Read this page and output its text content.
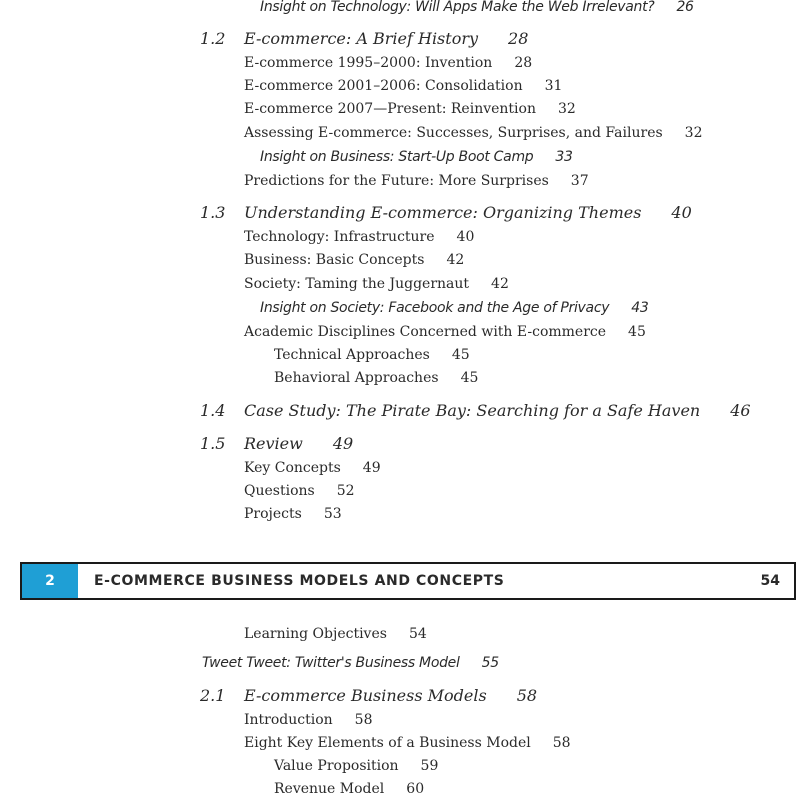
Insight on Technology: Will Apps Make the Web Irrelevant? 26
1.2 E-commerce: A Brief History 28
E-commerce 1995–2000: Invention 28
E-commerce 2001–2006: Consolidation 31
E-commerce 2007—Present: Reinvention 32
Assessing E-commerce: Successes, Surprises, and Failures 32
Insight on Business: Start-Up Boot Camp 33
Predictions for the Future: More Surprises 37
1.3 Understanding E-commerce: Organizing Themes 40
Technology: Infrastructure 40
Business: Basic Concepts 42
Society: Taming the Juggernaut 42
Insight on Society: Facebook and the Age of Privacy 43
Academic Disciplines Concerned with E-commerce 45
Technical Approaches 45
Behavioral Approaches 45
1.4 Case Study: The Pirate Bay: Searching for a Safe Haven 46
1.5 Review 49
Key Concepts 49
Questions 52
Projects 53
2	E-COMMERCE BUSINESS MODELS AND CONCEPTS	54
Learning Objectives 54
Tweet Tweet: Twitter's Business Model 55
2.1 E-commerce Business Models 58
Introduction 58
Eight Key Elements of a Business Model 58
Value Proposition 59
Revenue Model 60
